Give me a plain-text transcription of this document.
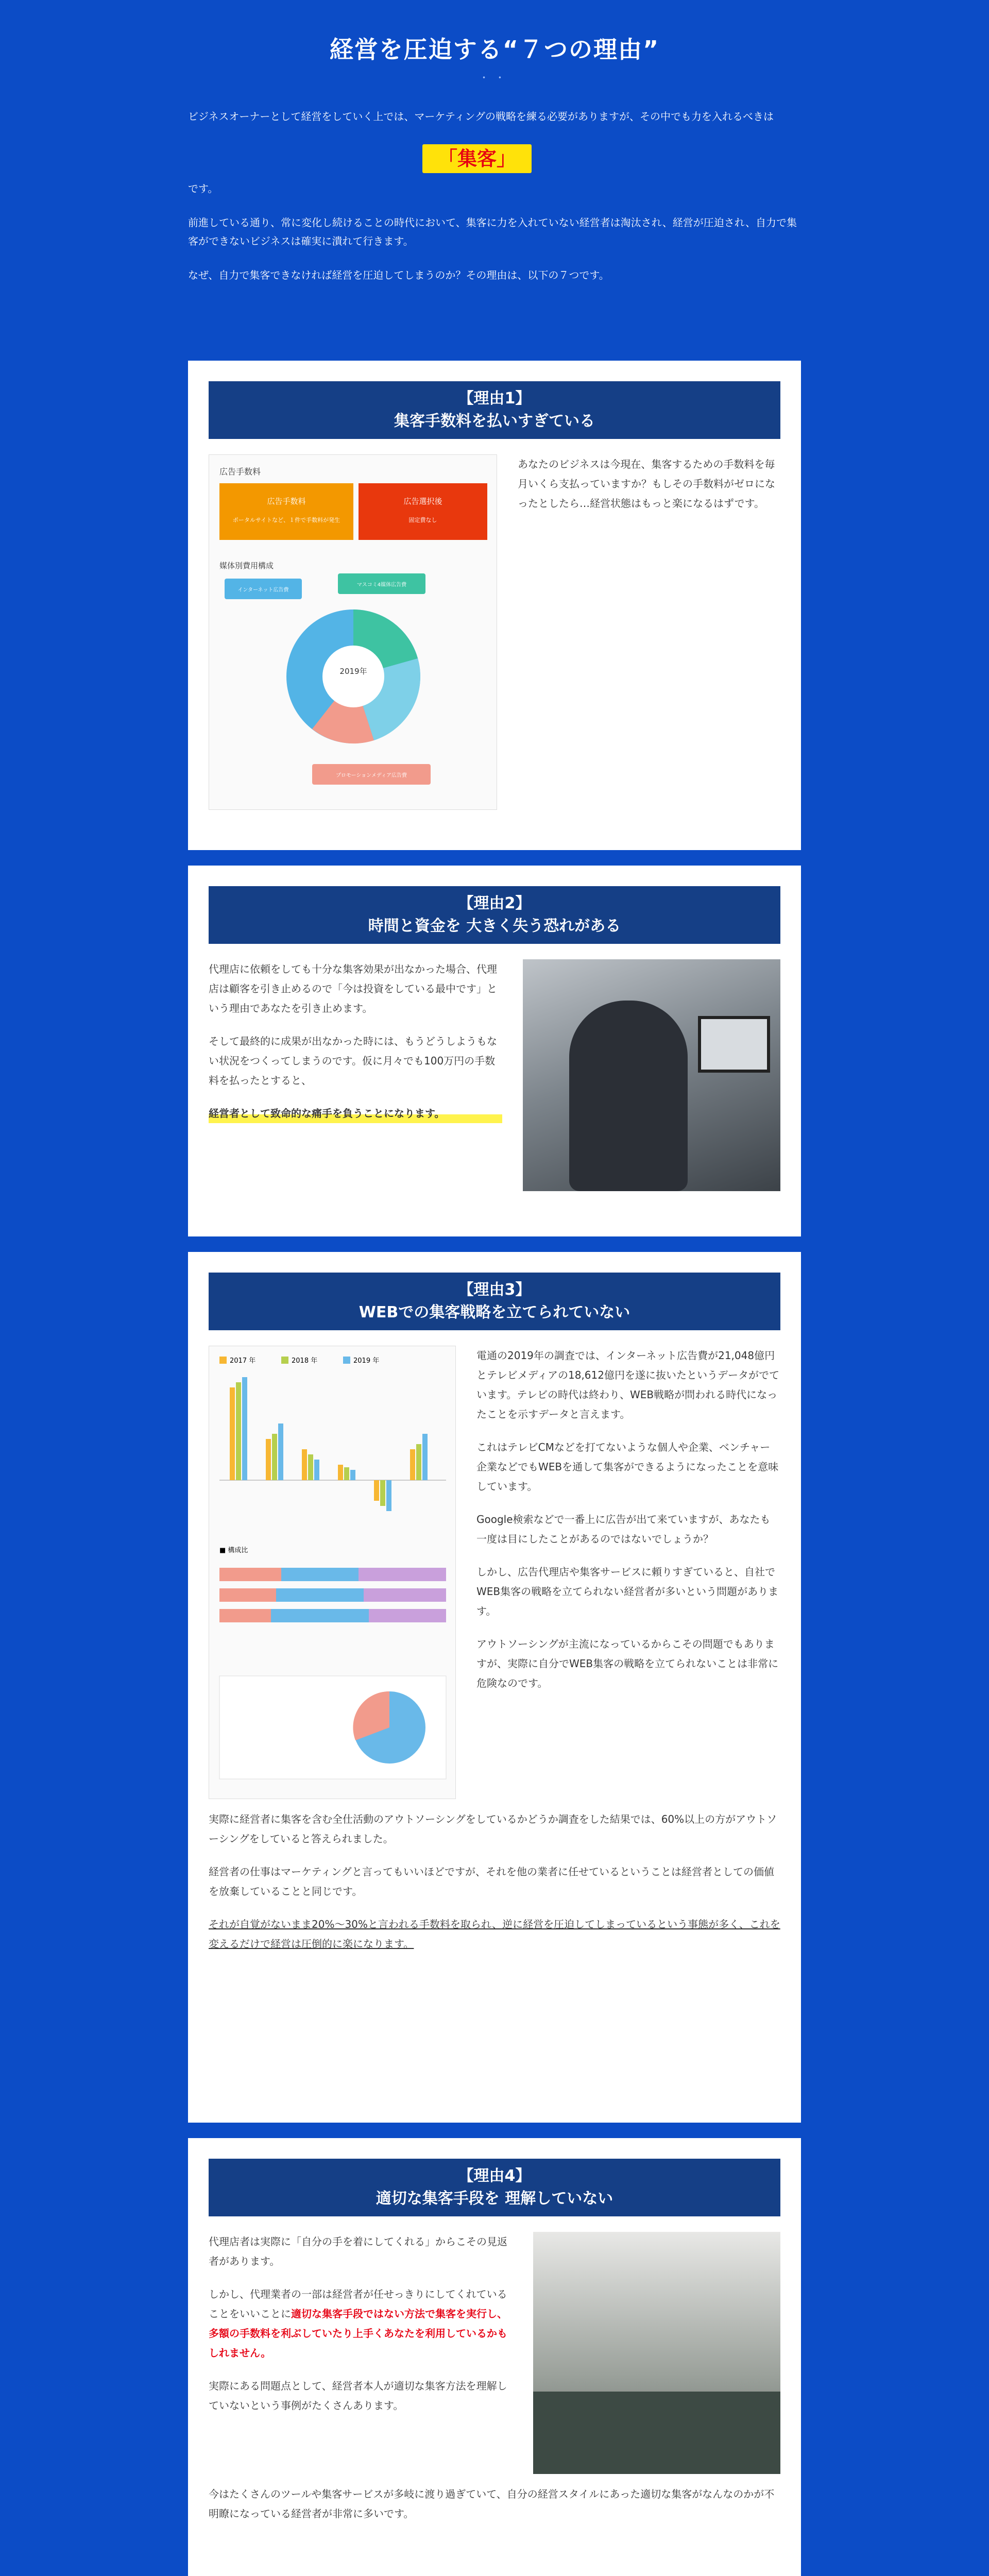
経営を圧迫する“７つの理由”
• •

ビジネスオーナーとして経営をしていく上では、マーケティングの戦略を練る必要がありますが、その中でも力を入れるべきは

「集客」

です。

前進している通り、常に変化し続けることの時代において、集客に力を入れていない経営者は淘汰され、経営が圧迫され、自力で集客ができないビジネスは確実に潰れて行きます。

なぜ、自力で集客できなければ経営を圧迫してしまうのか？その理由は、以下の７つです。

【理由1】
集客手数料を払いすぎている
広告手数料
広告手数料	広告選択後
ポータルサイトなど、１件で手数料が発生	固定費なし
媒体別費用構成
2019年
インターネット広告費
マスコミ4媒体広告費
プロモーションメディア広告費

あなたのビジネスは今現在、集客するための手数料を毎月いくら支払っていますか？もしその手数料がゼロになったとしたら…経営状態はもっと楽になるはずです。

【理由2】
時間と資金を 大きく失う恐れがある

代理店に依頼をしても十分な集客効果が出なかった場合、代理店は顧客を引き止めるので「今は投資をしている最中です」という理由であなたを引き止めます。

そして最終的に成果が出なかった時には、もうどうしようもない状況をつくってしまうのです。仮に月々でも100万円の手数料を払ったとすると、

経営者として致命的な痛手を負うことになります。

【理由3】
WEBでの集客戦略を立てられていない
2017 年	2018 年	2019 年
■ 構成比

電通の2019年の調査では、インターネット広告費が21,048億円とテレビメディアの18,612億円を遂に抜いたというデータがでています。テレビの時代は終わり、WEB戦略が問われる時代になったことを示すデータと言えます。

これはテレビCMなどを打てないような個人や企業、ベンチャー企業などでもWEBを通して集客ができるようになったことを意味しています。

Google検索などで一番上に広告が出て来ていますが、あなたも一度は目にしたことがあるのではないでしょうか？

しかし、広告代理店や集客サービスに頼りすぎていると、自社でWEB集客の戦略を立てられない経営者が多いという問題があります。

アウトソーシングが主流になっているからこその問題でもありますが、実際に自分でWEB集客の戦略を立てられないことは非常に危険なのです。

実際に経営者に集客を含む全仕活動のアウトソーシングをしているかどうか調査をした結果では、60%以上の方がアウトソーシングをしていると答えられました。

経営者の仕事はマーケティングと言ってもいいほどですが、それを他の業者に任せているということは経営者としての価値を放棄していることと同じです。

それが自覚がないまま20%〜30%と言われる手数料を取られ、逆に経営を圧迫してしまっているという事態が多く、これを変えるだけで経営は圧倒的に楽になります。

【理由4】
適切な集客手段を 理解していない

代理店者は実際に「自分の手を着にしてくれる」からこその見返者があります。

しかし、代理業者の一部は経営者が任せっきりにしてくれていることをいいことに適切な集客手段ではない方法で集客を実行し、多額の手数料を利ぶしていたり上手くあなたを利用しているかもしれません。

実際にある問題点として、経営者本人が適切な集客方法を理解していないという事例がたくさんあります。

今はたくさんのツールや集客サービスが多岐に渡り過ぎていて、自分の経営スタイルにあった適切な集客がなんなのかが不明瞭になっている経営者が非常に多いです。
